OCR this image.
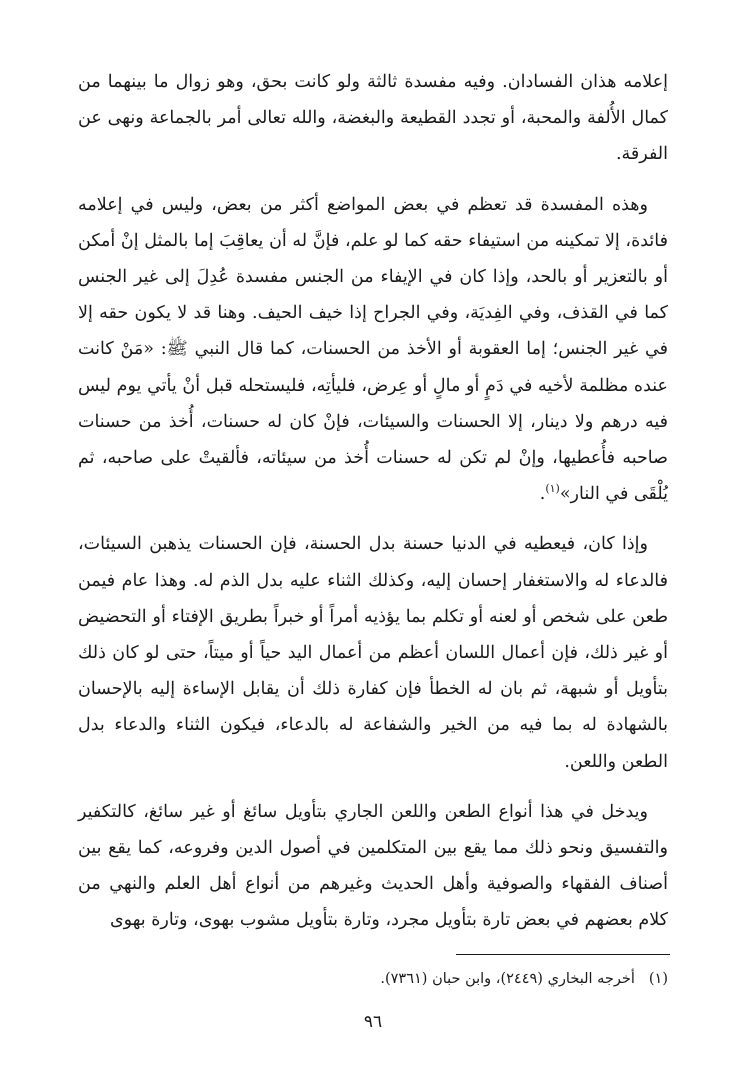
إعلامه هذان الفسادان. وفيه مفسدة ثالثة ولو كانت بحق، وهو زوال ما بينهما من كمال الأُلفة والمحبة، أو تجدد القطيعة والبغضة، والله تعالى أمر بالجماعة ونهى عن الفرقة.

وهذه المفسدة قد تعظم في بعض المواضع أكثر من بعض، وليس في إعلامه فائدة، إلا تمكينه من استيفاء حقه كما لو علم، فإنَّ له أن يعاقِبَ إما بالمثل إنْ أمكن أو بالتعزير أو بالحد، وإذا كان في الإيفاء من الجنس مفسدة عُدِلَ إلى غير الجنس كما في القذف، وفي الفِديَة، وفي الجراح إذا خيف الحيف. وهنا قد لا يكون حقه إلا في غير الجنس؛ إما العقوبة أو الأخذ من الحسنات، كما قال النبي ﷺ: «مَنْ كانت عنده مظلمة لأخيه في دَمٍ أو مالٍ أو عِرض، فليأتِه، فليستحله قبل أنْ يأتي يوم ليس فيه درهم ولا دينار، إلا الحسنات والسيئات، فإنْ كان له حسنات، أُخذ من حسنات صاحبه فأُعطيها، وإنْ لم تكن له حسنات أُخذ من سيئاته، فألقيتْ على صاحبه، ثم يُلْقَى في النار»$^{(١)}$.

وإذا كان، فيعطيه في الدنيا حسنة بدل الحسنة، فإن الحسنات يذهبن السيئات، فالدعاء له والاستغفار إحسان إليه، وكذلك الثناء عليه بدل الذم له. وهذا عام فيمن طعن على شخص أو لعنه أو تكلم بما يؤذيه أمراً أو خبراً بطريق الإفتاء أو التحضيض أو غير ذلك، فإن أعمال اللسان أعظم من أعمال اليد حياً أو ميتاً، حتى لو كان ذلك بتأويل أو شبهة، ثم بان له الخطأ فإن كفارة ذلك أن يقابل الإساءة إليه بالإحسان بالشهادة له بما فيه من الخير والشفاعة له بالدعاء، فيكون الثناء والدعاء بدل الطعن واللعن.

ويدخل في هذا أنواع الطعن واللعن الجاري بتأويل سائغ أو غير سائغ، كالتكفير والتفسيق ونحو ذلك مما يقع بين المتكلمين في أصول الدين وفروعه، كما يقع بين أصناف الفقهاء والصوفية وأهل الحديث وغيرهم من أنواع أهل العلم والنهي من كلام بعضهم في بعض تارة بتأويل مجرد، وتارة بتأويل مشوب بهوى، وتارة بهوى

(١)أخرجه البخاري (٢٤٤٩)، وابن حبان (٧٣٦١).
٩٦
